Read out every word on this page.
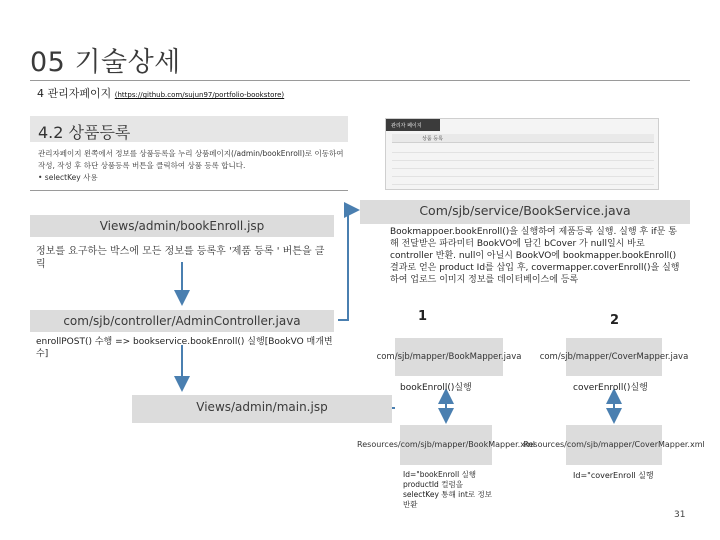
05 기술상세
4 관리자페이지 (https://github.com/sujun97/portfolio-bookstore)
4.2 상품등록
관리자페이지 왼쪽에서 정보를 상품등록을 누리 상품페이지(/admin/bookEnroll)로 이동하여 작성, 작성 후 하단 상품등록 버튼을 클릭하여 상품 등록 합니다.
• selectKey 사용
관리자 페이지
상품 등록
Views/admin/bookEnroll.jsp
정보를 요구하는 박스에 모든 정보를 등록후 '제품 등록 ' 버튼을 클릭
com/sjb/controller/AdminController.java
enrollPOST() 수행 => bookservice.bookEnroll() 실행[BookVO 매개변수]
Views/admin/main.jsp
Com/sjb/service/BookService.java
Bookmappoer.bookEnroll()을 실행하여 제품등록 실행. 실행 후 if문 통해 전달받은 파라미터 BookVO에 담긴 bCover 가 null일시 바로 controller 반환. null이 아닐시 BookVO에 bookmapper.bookEnroll()결과로 얻은 product Id를 삽입 후, covermapper.coverEnroll()을 실행하여 업로드 이미지 정보를 데이터베이스에 등록
1	2
com/sjb/mapper/BookMapper.java com/sjb/mapper/CoverMapper.java
bookEnroll()실행	coverEnroll()실행
Resources/com/sjb/mapper/BookMapper.xml
Resources/com/sjb/mapper/CoverMapper.xml
Id="bookEnroll 실행 productId 컬럼을 selectKey 통해 int로 정보 반환
Id="coverEnroll 실행
31
